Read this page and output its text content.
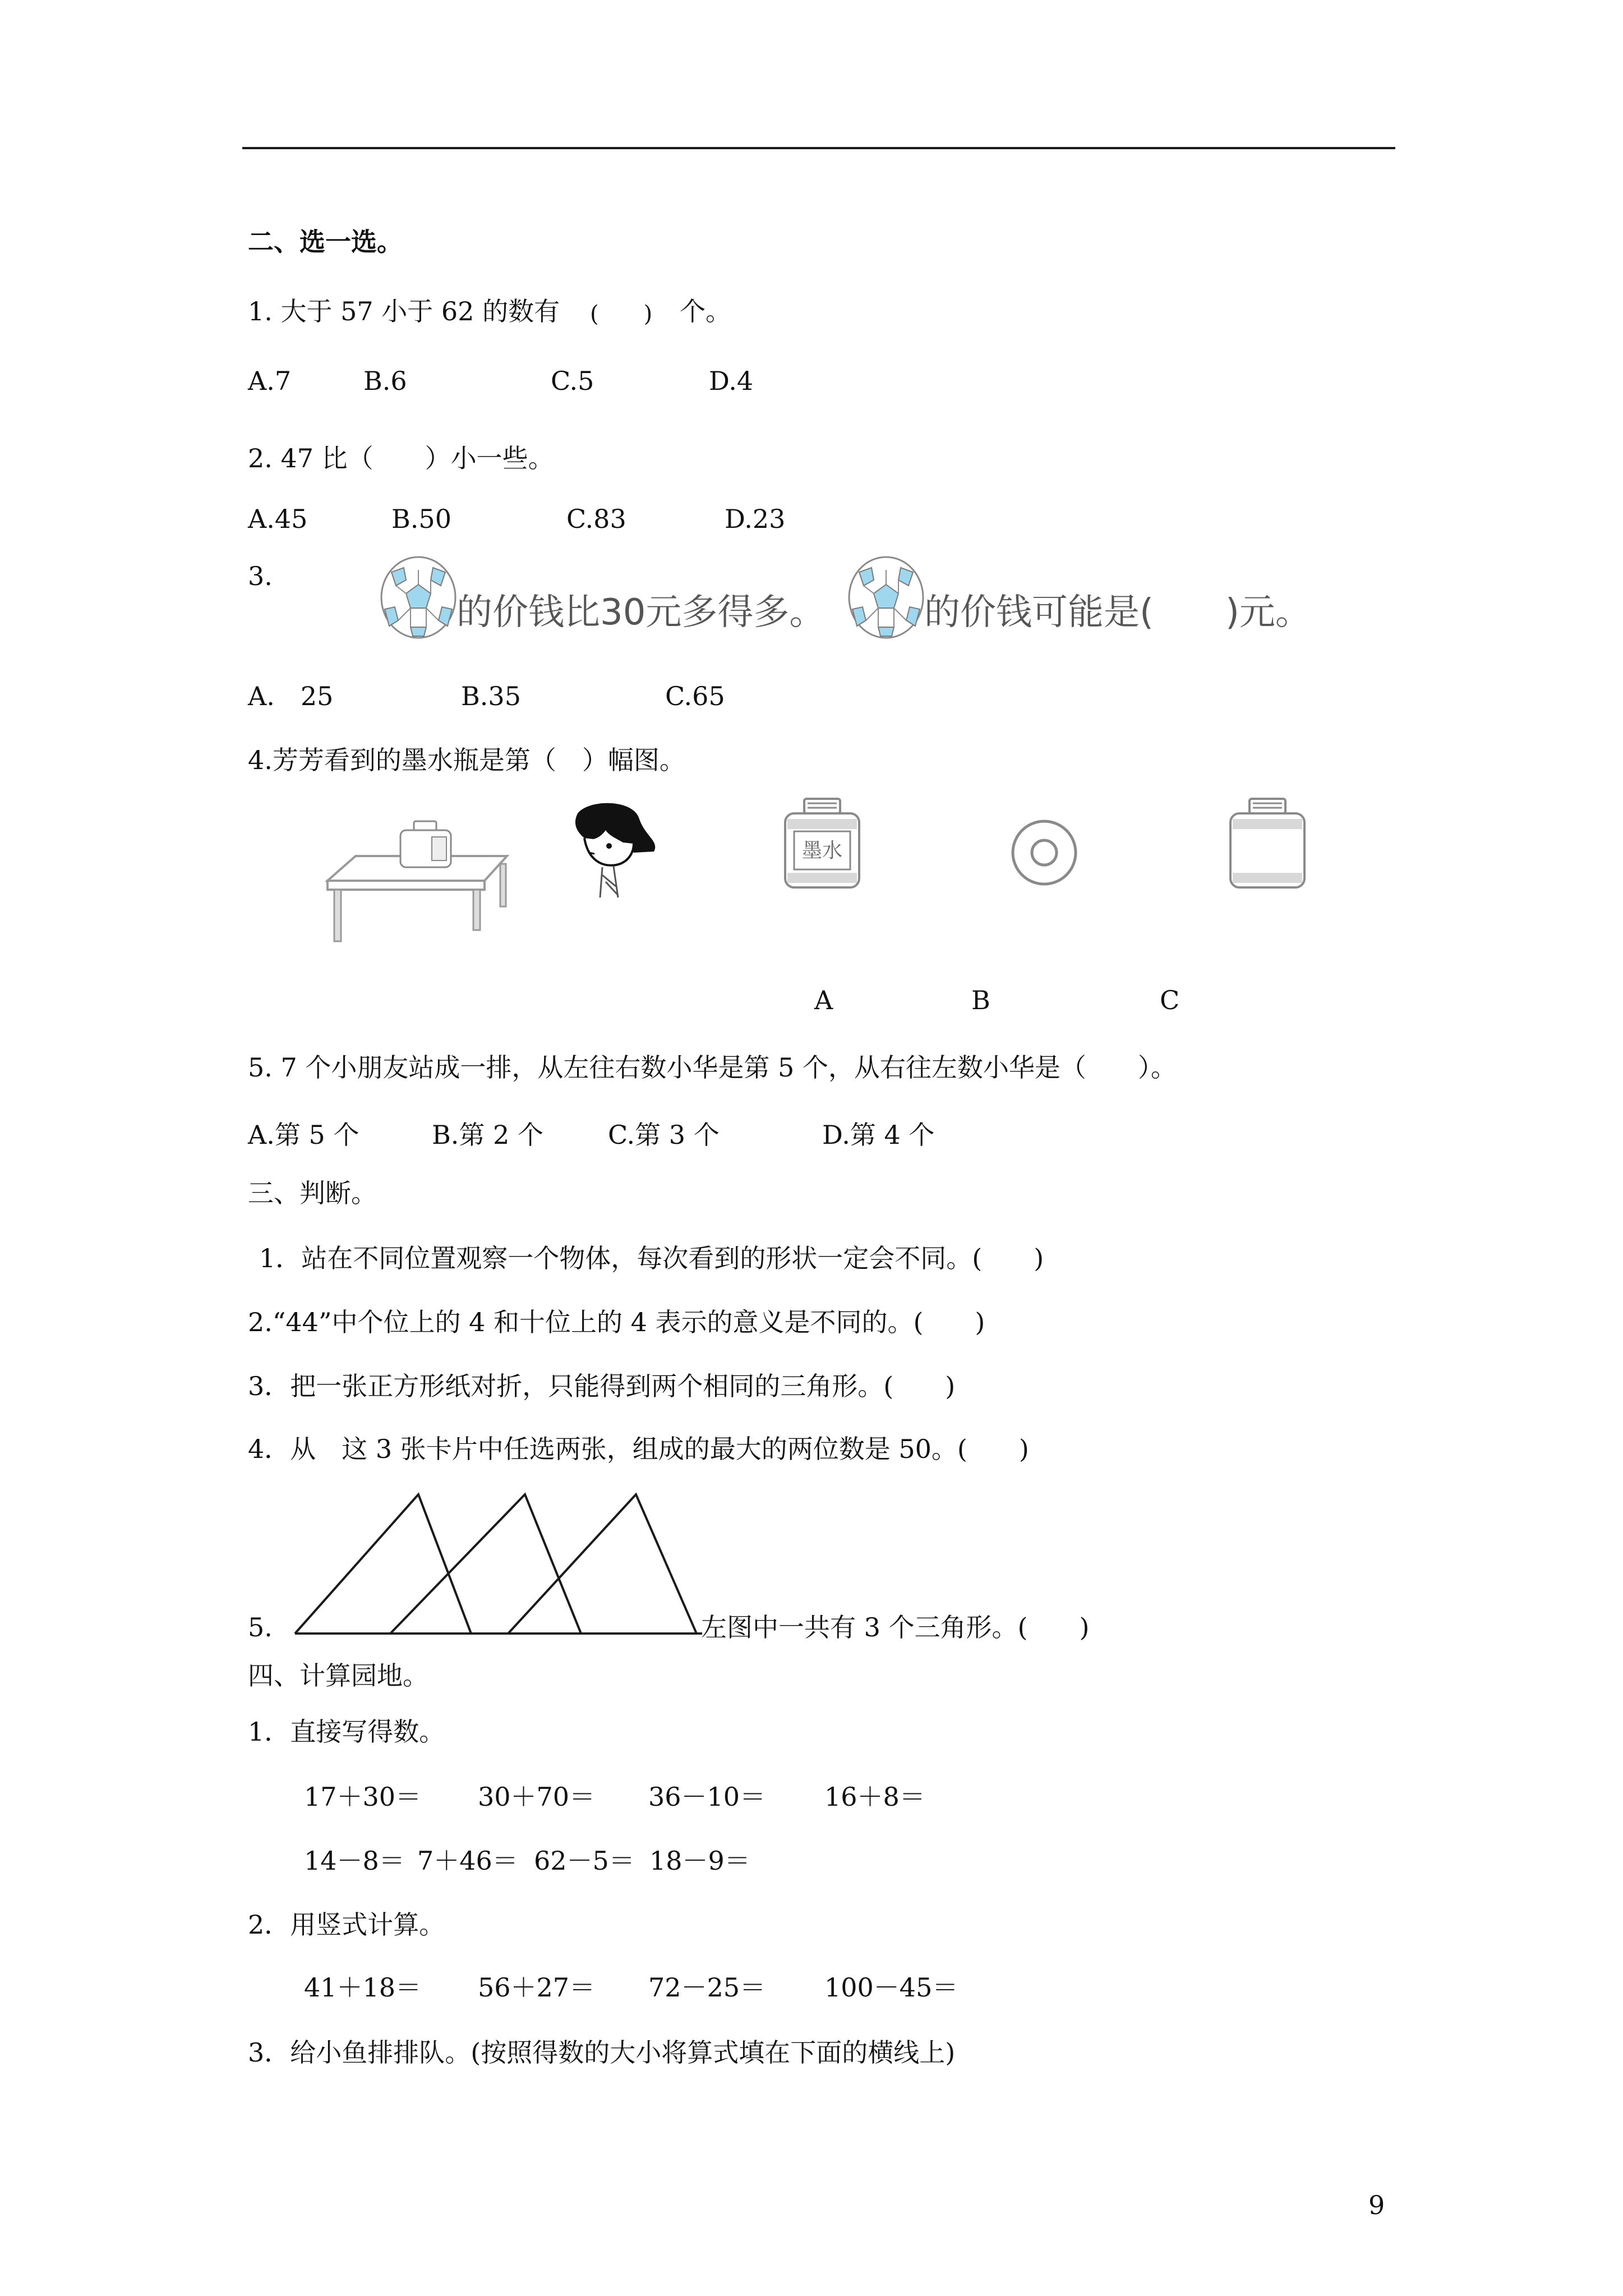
二、选一选。
1. 大于 57 小于 62 的数有 (　　) 个。
A.7	B.6	C.5	D.4
2. 47 比（　　）小一些。
A.45	B.50	C.83	D.23
3.
的价钱比30元多得多。	的价钱可能是(　　)元。
A.　25	B.35	C.65
4.芳芳看到的墨水瓶是第（　）幅图。
墨水
A	B	C
5. 7 个小朋友站成一排，从左往右数小华是第 5 个，从右往左数小华是（　　）。
A.第 5 个	B.第 2 个	C.第 3 个	D.第 4 个
三、判断。
1．站在不同位置观察一个物体，每次看到的形状一定会不同。(　　)
2.“44”中个位上的 4 和十位上的 4 表示的意义是不同的。(　　)
3．把一张正方形纸对折，只能得到两个相同的三角形。(　　)
4．从　这 3 张卡片中任选两张，组成的最大的两位数是 50。(　　)
5.	左图中一共有 3 个三角形。(　　)
四、计算园地。
1．直接写得数。
17＋30＝ 30＋70＝ 36－10＝ 16＋8＝
14－8＝ 7＋46＝ 62－5＝ 18－9＝
2．用竖式计算。
41＋18＝ 56＋27＝ 72－25＝ 100－45＝
3．给小鱼排排队。(按照得数的大小将算式填在下面的横线上)
9
